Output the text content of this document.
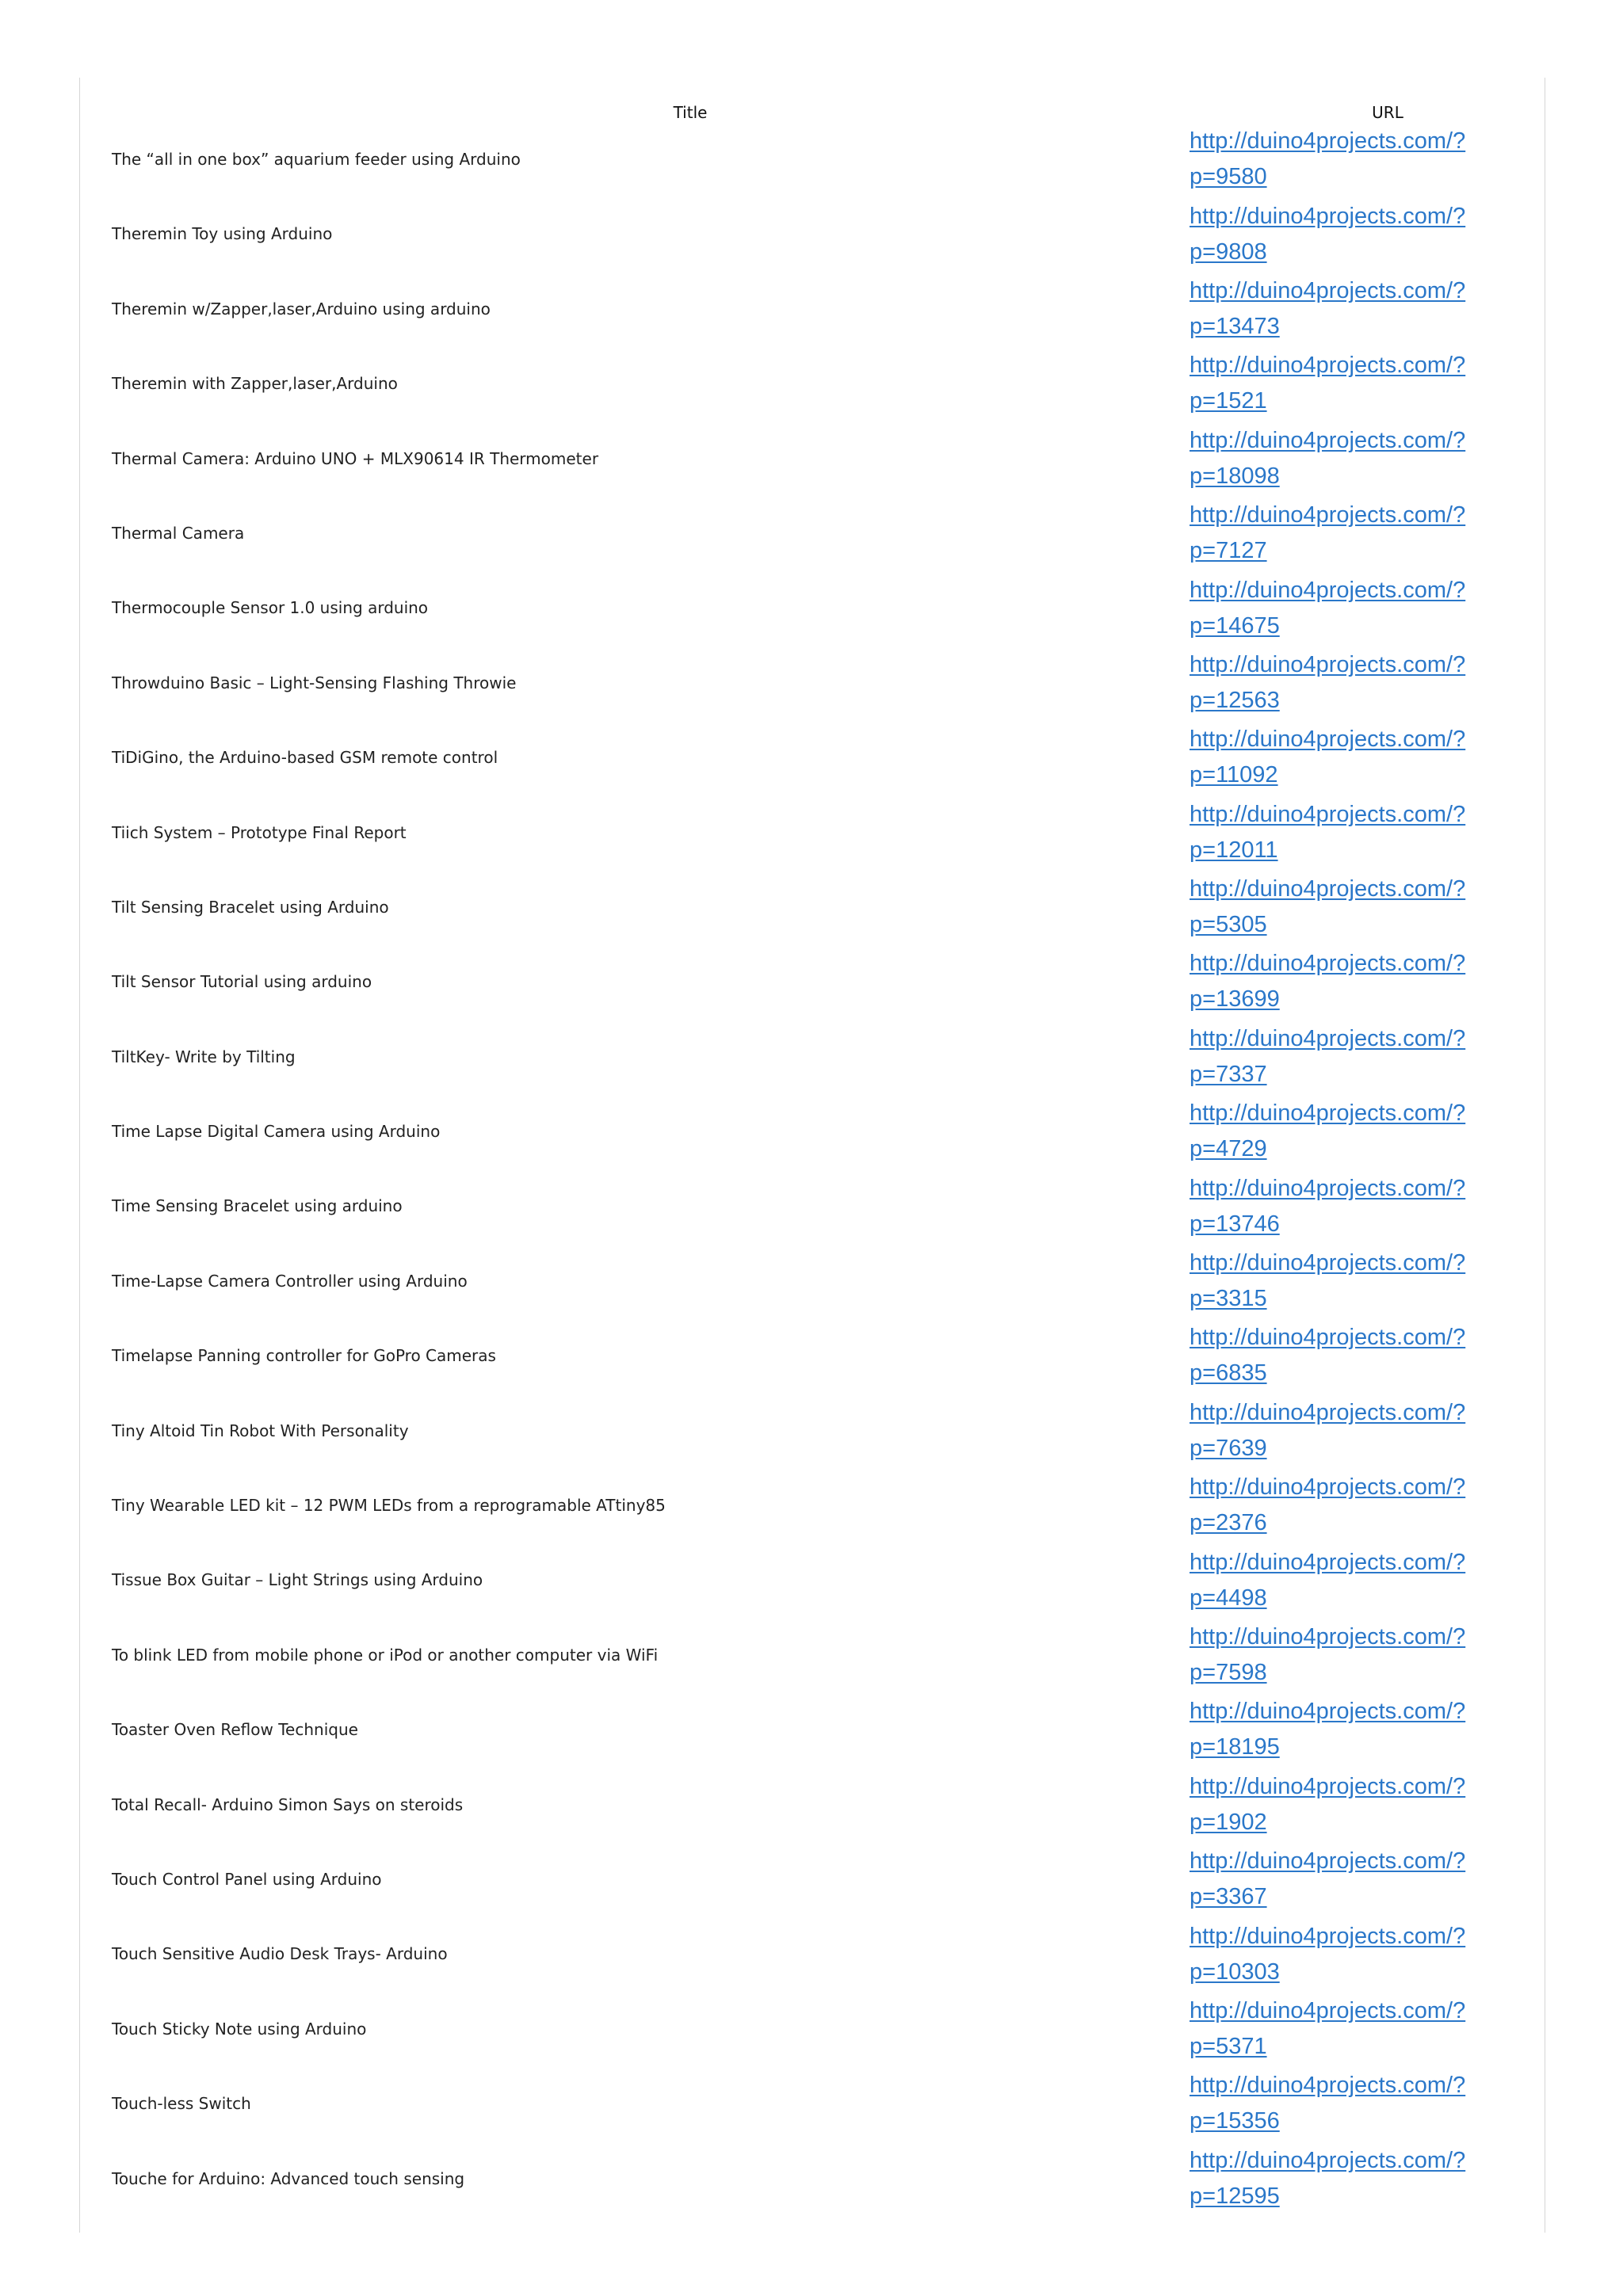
Title	URL
The “all in one box” aquarium feeder using Arduino
http://duino4projects.com/?
p=9580
Theremin Toy using Arduino
http://duino4projects.com/?
p=9808
Theremin w/Zapper,laser,Arduino using arduino
http://duino4projects.com/?
p=13473
Theremin with Zapper,laser,Arduino
http://duino4projects.com/?
p=1521
Thermal Camera: Arduino UNO + MLX90614 IR Thermometer
http://duino4projects.com/?
p=18098
Thermal Camera
http://duino4projects.com/?
p=7127
Thermocouple Sensor 1.0 using arduino
http://duino4projects.com/?
p=14675
Throwduino Basic – Light-Sensing Flashing Throwie
http://duino4projects.com/?
p=12563
TiDiGino, the Arduino-based GSM remote control
http://duino4projects.com/?
p=11092
Tiich System – Prototype Final Report
http://duino4projects.com/?
p=12011
Tilt Sensing Bracelet using Arduino
http://duino4projects.com/?
p=5305
Tilt Sensor Tutorial using arduino
http://duino4projects.com/?
p=13699
TiltKey- Write by Tilting
http://duino4projects.com/?
p=7337
Time Lapse Digital Camera using Arduino
http://duino4projects.com/?
p=4729
Time Sensing Bracelet using arduino
http://duino4projects.com/?
p=13746
Time-Lapse Camera Controller using Arduino
http://duino4projects.com/?
p=3315
Timelapse Panning controller for GoPro Cameras
http://duino4projects.com/?
p=6835
Tiny Altoid Tin Robot With Personality
http://duino4projects.com/?
p=7639
Tiny Wearable LED kit – 12 PWM LEDs from a reprogramable ATtiny85
http://duino4projects.com/?
p=2376
Tissue Box Guitar – Light Strings using Arduino
http://duino4projects.com/?
p=4498
To blink LED from mobile phone or iPod or another computer via WiFi
http://duino4projects.com/?
p=7598
Toaster Oven Reflow Technique
http://duino4projects.com/?
p=18195
Total Recall- Arduino Simon Says on steroids
http://duino4projects.com/?
p=1902
Touch Control Panel using Arduino
http://duino4projects.com/?
p=3367
Touch Sensitive Audio Desk Trays- Arduino
http://duino4projects.com/?
p=10303
Touch Sticky Note using Arduino
http://duino4projects.com/?
p=5371
Touch-less Switch
http://duino4projects.com/?
p=15356
Touche for Arduino: Advanced touch sensing
http://duino4projects.com/?
p=12595
